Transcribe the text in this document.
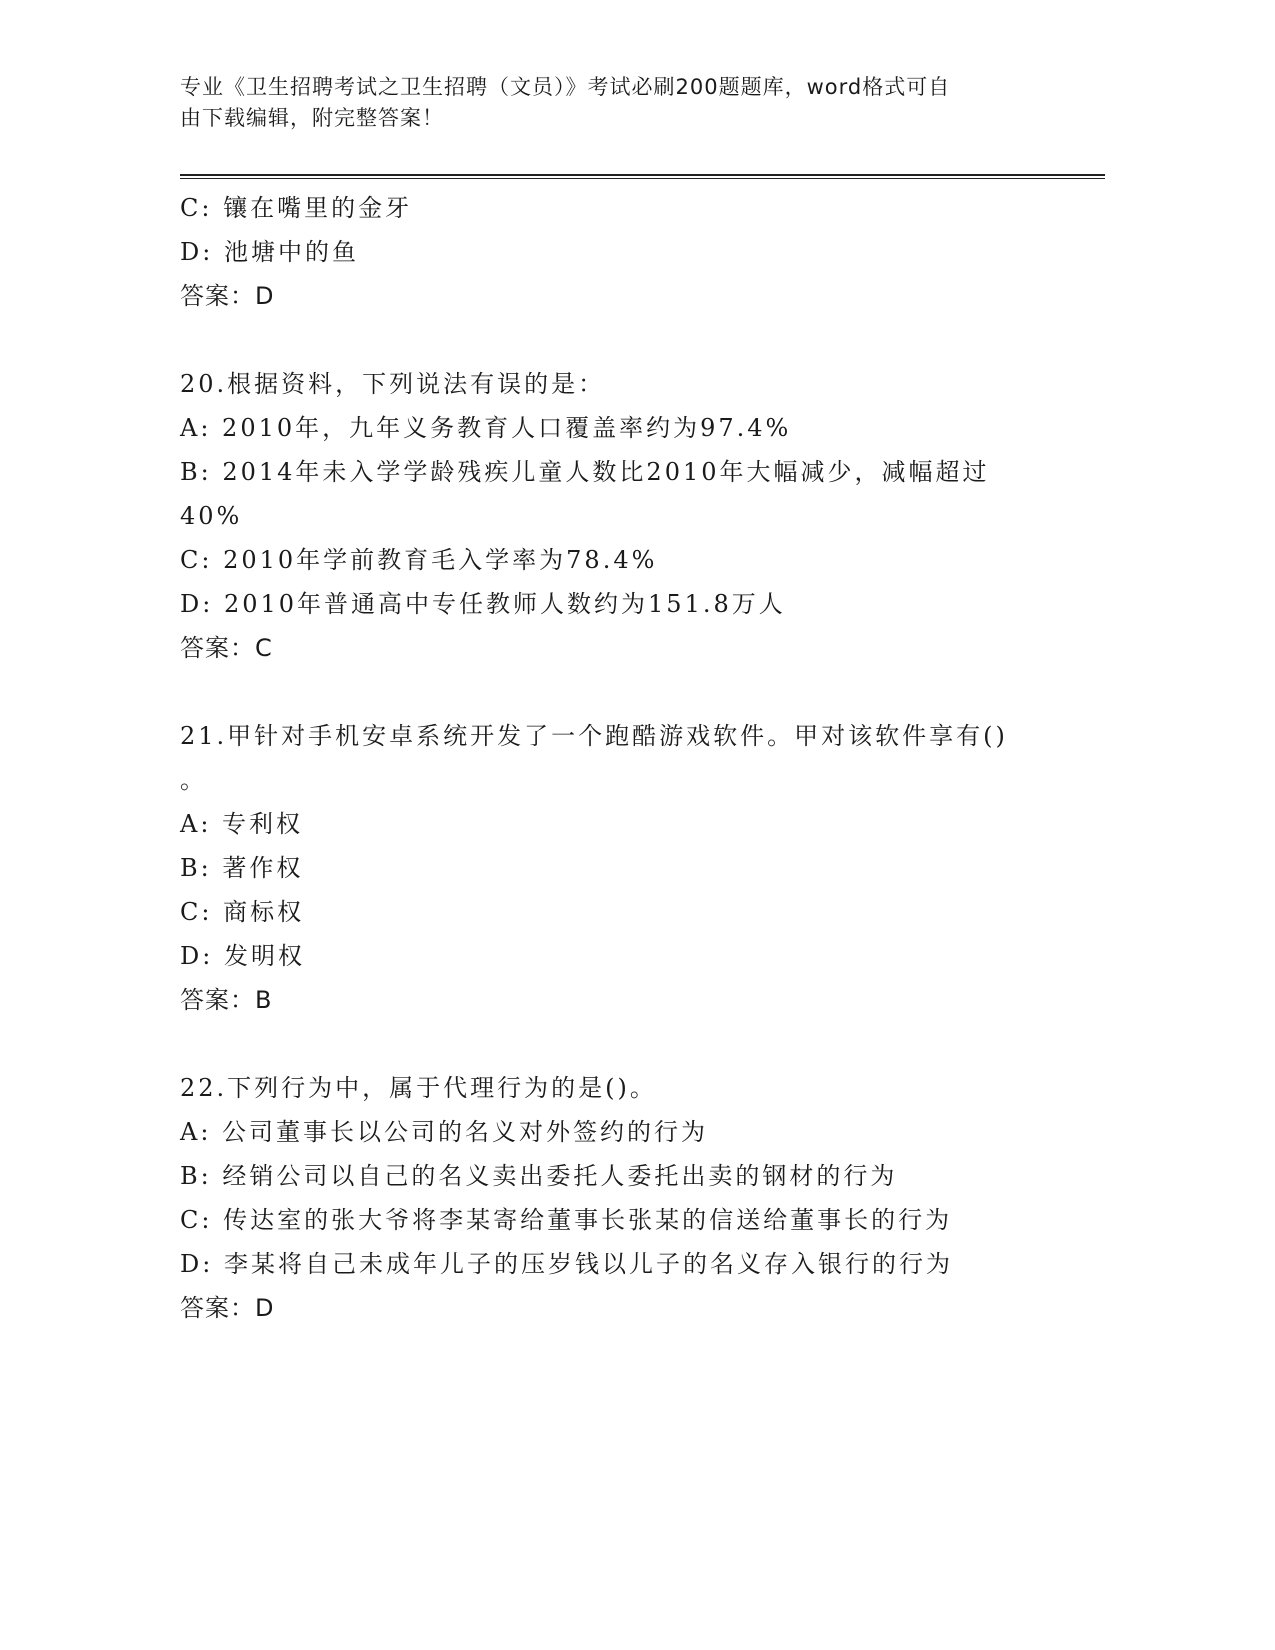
专业《卫生招聘考试之卫生招聘（文员）》考试必刷200题题库，word格式可自
由下载编辑，附完整答案！
C: 镶在嘴里的金牙
D: 池塘中的鱼
答案：D
20.根据资料，下列说法有误的是：
A: 2010年，九年义务教育人口覆盖率约为97.4%
B: 2014年未入学学龄残疾儿童人数比2010年大幅减少，减幅超过
40%
C: 2010年学前教育毛入学率为78.4%
D: 2010年普通高中专任教师人数约为151.8万人
答案：C
21.甲针对手机安卓系统开发了一个跑酷游戏软件。甲对该软件享有()
。
A: 专利权
B: 著作权
C: 商标权
D: 发明权
答案：B
22.下列行为中，属于代理行为的是()。
A: 公司董事长以公司的名义对外签约的行为
B: 经销公司以自己的名义卖出委托人委托出卖的钢材的行为
C: 传达室的张大爷将李某寄给董事长张某的信送给董事长的行为
D: 李某将自己未成年儿子的压岁钱以儿子的名义存入银行的行为
答案：D
